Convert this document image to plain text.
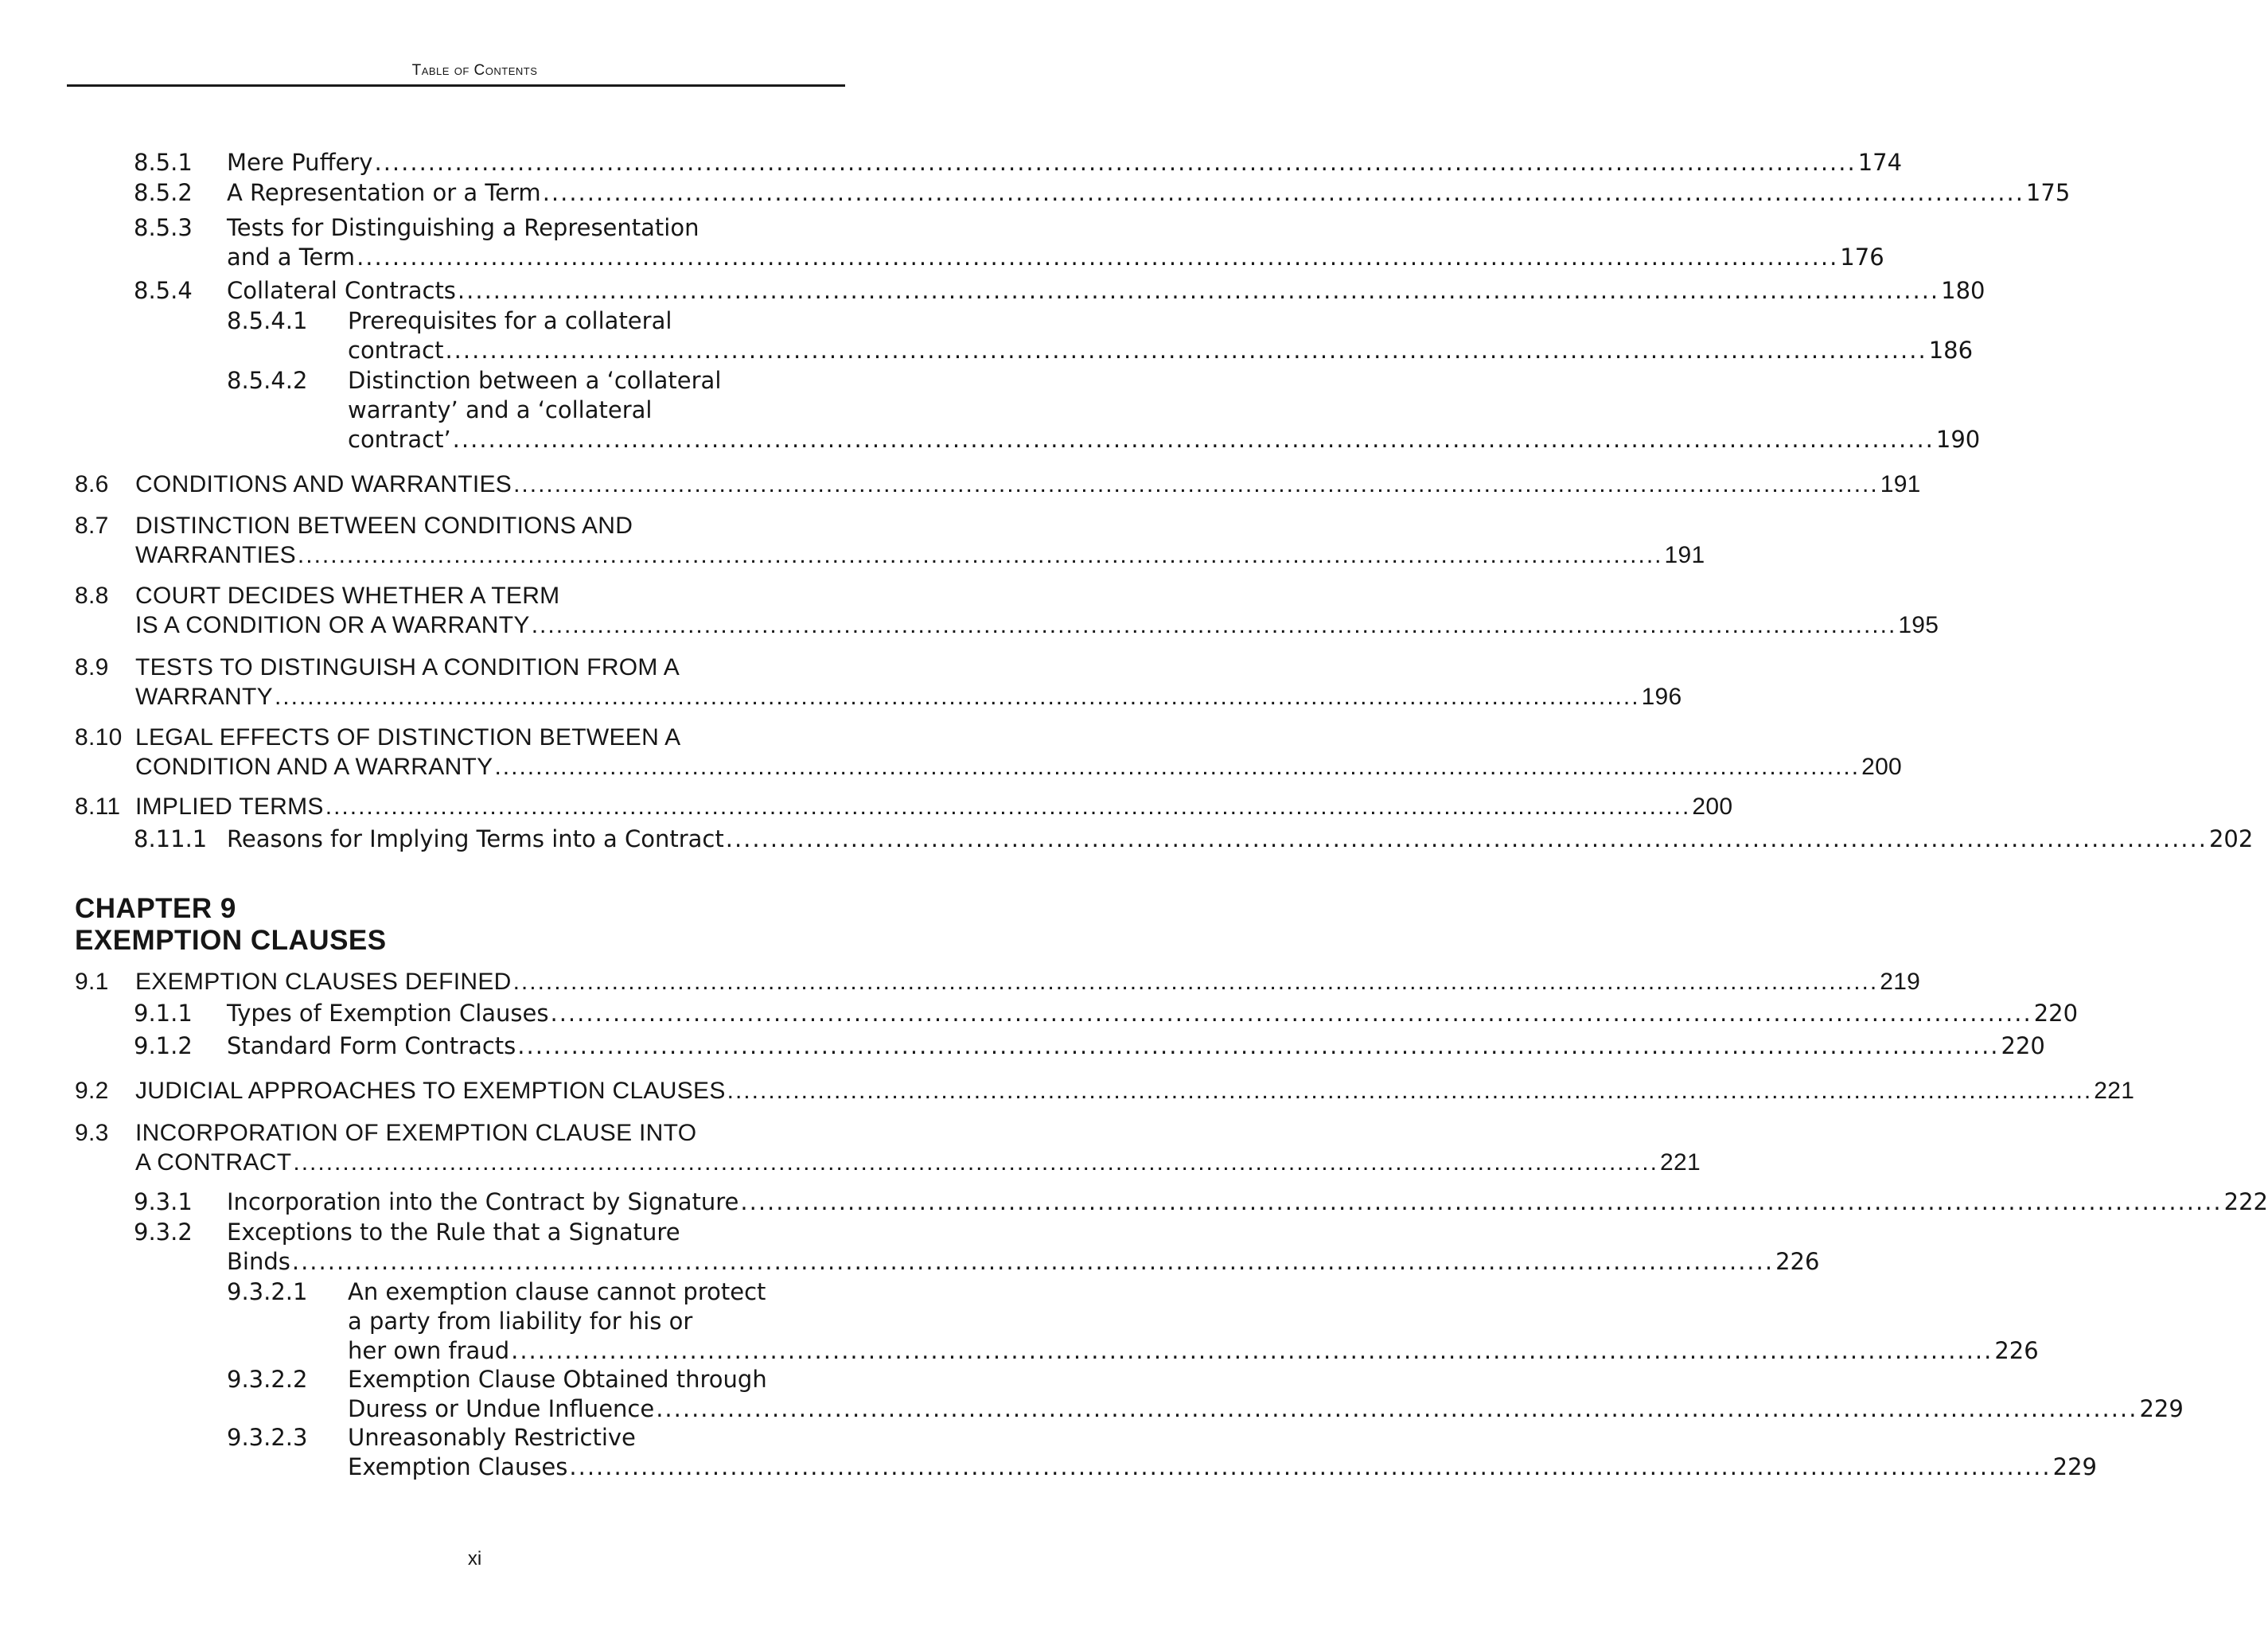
Table of Contents
8.5.1	Mere Puffery .....	174
8.5.2	A Representation or a Term .....	175
8.5.3	Tests for Distinguishing a Representation
and a Term .....	176
8.5.4	Collateral Contracts .....	180
8.5.4.1	Prerequisites for a collateral
contract .....	186
8.5.4.2	Distinction between a ‘collateral
warranty’ and a ‘collateral
contract’ .....	190
8.6	CONDITIONS AND WARRANTIES .....	191
8.7	DISTINCTION BETWEEN CONDITIONS AND
WARRANTIES .....	191
8.8	COURT DECIDES WHETHER A TERM
IS A CONDITION OR A WARRANTY .....	195
8.9	TESTS TO DISTINGUISH A CONDITION FROM A
WARRANTY .....	196
8.10 LEGAL EFFECTS OF DISTINCTION BETWEEN A
CONDITION AND A WARRANTY .....	200
8.11 IMPLIED TERMS .....	200
8.11.1 Reasons for Implying Terms into a Contract .....	202
9.1	EXEMPTION CLAUSES DEFINED .....	219
9.1.1	Types of Exemption Clauses .....	220
9.1.2	Standard Form Contracts .....	220
9.2	JUDICIAL APPROACHES TO EXEMPTION CLAUSES .....	221
9.3	INCORPORATION OF EXEMPTION CLAUSE INTO
A CONTRACT .....	221
9.3.1	Incorporation into the Contract by Signature .....	222
9.3.2	Exceptions to the Rule that a Signature
Binds .....	226
9.3.2.1	An exemption clause cannot protect
a party from liability for his or
her own fraud .....	226
9.3.2.2	Exemption Clause Obtained through
Duress or Undue Influence .....	229
9.3.2.3	Unreasonably Restrictive
Exemption Clauses .....	229
CHAPTER 9
EXEMPTION CLAUSES
xi
